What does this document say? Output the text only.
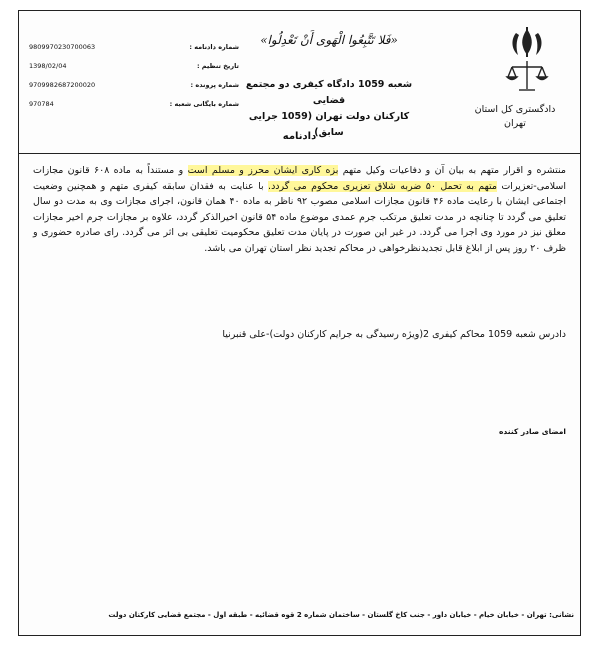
9809970230700063	شماره دادنامه :
1398/02/04	تاریخ تنظیم :
9709982687200020	شماره پرونده :
970784	شماره بایگانی شعبه :
«فَلا تَتَّبِعُوا الْهَوى أَنْ تَعْدِلُوا»
شعبه 1059 دادگاه کیفری دو مجتمع قضایی
کارکنان دولت تهران (1059 جرایی سابق)
دادگستری کل استان
تهران
دادنامه
منتشره و اقرار متهم به بیان آن و دفاعیات وکیل متهم بزه کاری ایشان محرز و مسلم است و مستنداً به ماده ۶۰۸ قانون مجازات اسلامی-تعزیرات متهم به تحمل ۵۰ ضربه شلاق تعزیری محکوم می گردد. با عنایت به فقدان سابقه کیفری متهم و همچنین وضعیت اجتماعی ایشان با رعایت ماده ۴۶ قانون مجازات اسلامی مصوب ۹۲ ناظر به ماده ۴۰ همان قانون، اجرای مجازات وی به مدت دو سال تعلیق می گردد تا چنانچه در مدت تعلیق مرتکب جرم عمدی موضوع ماده ۵۴ قانون اخیرالذکر گردد، علاوه بر مجازات جرم اخیر مجازات معلق نیز در مورد وی اجرا می گردد. در غیر این صورت در پایان مدت تعلیق محکومیت تعلیقی بی اثر می گردد. رای صادره حضوری و ظرف ۲۰ روز پس از ابلاغ قابل تجدیدنظرخواهی در محاکم تجدید نظر استان تهران می باشد.
دادرس شعبه 1059 محاکم کیفری 2(ویژه رسیدگی به جرایم کارکنان دولت)-علی قنبرنیا
امضای صادر کننده
نشانی: تهران - خیابان خیام - خیابان داور - جنب کاخ گلستان - ساختمان شماره 2 قوه قضائیه - طبقه اول - مجتمع قضایی کارکنان دولت
